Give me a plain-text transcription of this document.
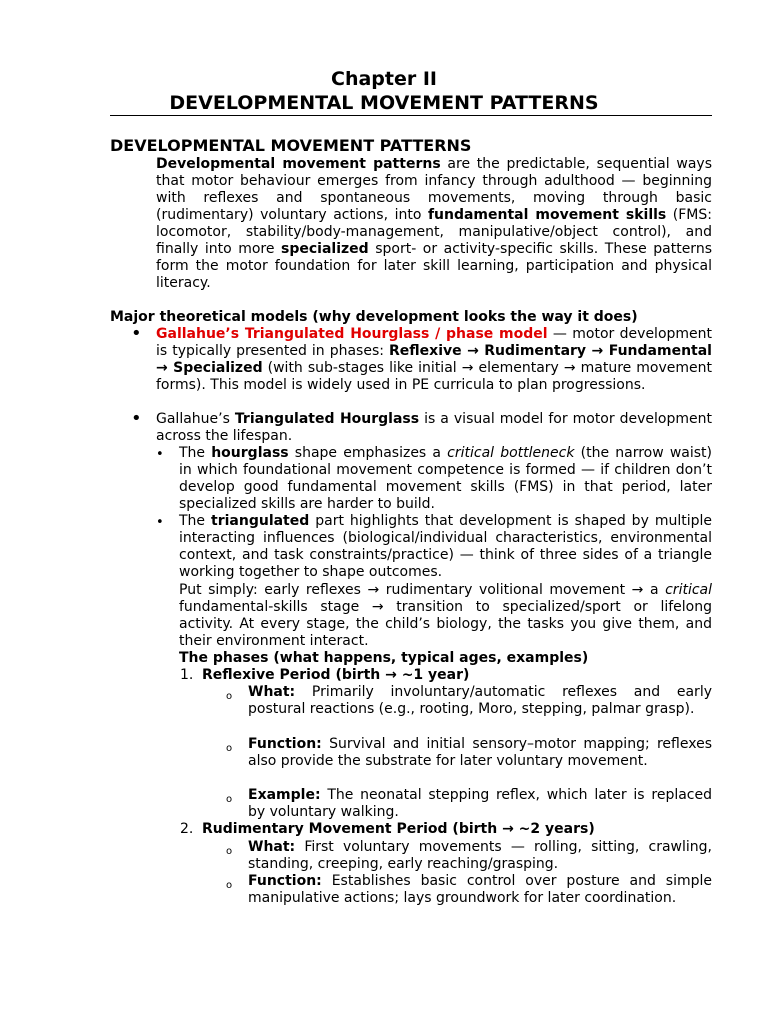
Chapter II
DEVELOPMENTAL MOVEMENT PATTERNS
DEVELOPMENTAL MOVEMENT PATTERNS
Developmental movement patterns are the predictable, sequential ways that motor behaviour emerges from infancy through adulthood — beginning with reflexes and spontaneous movements, moving through basic (rudimentary) voluntary actions, into fundamental movement skills (FMS: locomotor, stability/body-management, manipulative/object control), and finally into more specialized sport- or activity-specific skills. These patterns form the motor foundation for later skill learning, participation and physical literacy.
Major theoretical models (why development looks the way it does)
• Gallahue’s Triangulated Hourglass / phase model — motor development is typically presented in phases: Reflexive → Rudimentary → Fundamental → Specialized (with sub-stages like initial → elementary → mature movement forms). This model is widely used in PE curricula to plan progressions.
• Gallahue’s Triangulated Hourglass is a visual model for motor development across the lifespan.
• The hourglass shape emphasizes a critical bottleneck (the narrow waist) in which foundational movement competence is formed — if children don’t develop good fundamental movement skills (FMS) in that period, later specialized skills are harder to build.
• The triangulated part highlights that development is shaped by multiple interacting influences (biological/individual characteristics, environmental context, and task constraints/practice) — think of three sides of a triangle working together to shape outcomes.
Put simply: early reflexes → rudimentary volitional movement → a critical fundamental-skills stage → transition to specialized/sport or lifelong activity. At every stage, the child’s biology, the tasks you give them, and their environment interact.
The phases (what happens, typical ages, examples)
1. Reflexive Period (birth → ~1 year)
o What: Primarily involuntary/automatic reflexes and early postural reactions (e.g., rooting, Moro, stepping, palmar grasp).
o Function: Survival and initial sensory–motor mapping; reflexes also provide the substrate for later voluntary movement.
o Example: The neonatal stepping reflex, which later is replaced by voluntary walking.
2. Rudimentary Movement Period (birth → ~2 years)
o What: First voluntary movements — rolling, sitting, crawling, standing, creeping, early reaching/grasping.
o Function: Establishes basic control over posture and simple manipulative actions; lays groundwork for later coordination.
